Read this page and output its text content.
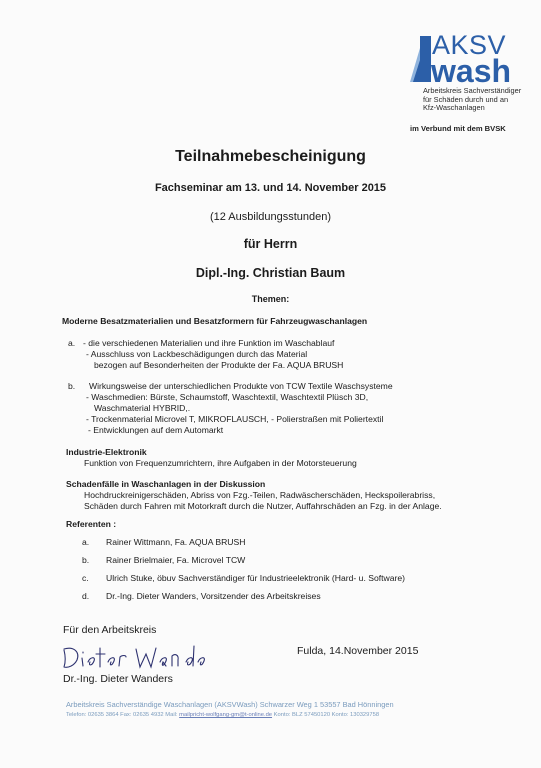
AKSV
wash
Arbeitskreis Sachverständiger
für Schäden durch und an
Kfz-Waschanlagen
im Verbund mit dem BVSK
Teilnahmebescheinigung
Fachseminar am 13. und 14. November 2015
(12 Ausbildungsstunden)
für Herrn
Dipl.-Ing. Christian Baum
Themen:
Moderne Besatzmaterialien und Besatzformern für Fahrzeugwaschanlagen
a. - die verschiedenen Materialien und ihre Funktion im Waschablauf
- Ausschluss von Lackbeschädigungen durch das Material
bezogen auf Besonderheiten der Produkte der Fa. AQUA BRUSH
b. Wirkungsweise der unterschiedlichen Produkte von TCW Textile Waschsysteme
- Waschmedien: Bürste, Schaumstoff, Waschtextil, Waschtextil Plüsch 3D,
Waschmaterial HYBRID,.
- Trockenmaterial Microvel T, MIKROFLAUSCH, - Polierstraßen mit Poliertextil
- Entwicklungen auf dem Automarkt
Industrie-Elektronik
Funktion von Frequenzumrichtern, ihre Aufgaben in der Motorsteuerung
Schadenfälle in Waschanlagen in der Diskussion
Hochdruckreinigerschäden, Abriss von Fzg.-Teilen, Radwäscherschäden, Heckspoilerabriss,
Schäden durch Fahren mit Motorkraft durch die Nutzer, Auffahrschäden an Fzg. in der Anlage.
Referenten :
a. Rainer Wittmann, Fa. AQUA BRUSH
b. Rainer Brielmaier, Fa. Microvel TCW
c. Ulrich Stuke, öbuv Sachverständiger für Industrieelektronik (Hard- u. Software)
d. Dr.-Ing. Dieter Wanders, Vorsitzender des Arbeitskreises
Für den Arbeitskreis
Dr.-Ing. Dieter Wanders
Fulda, 14.November 2015
Arbeitskreis Sachverständige Waschanlagen (AKSVWash) Schwarzer Weg 1 53557 Bad Hönningen
Telefon: 02635 3864 Fax: 02635 4932 Mail: mailpricht-wolfgang-gm@t-online.de Konto: BLZ 57450120 Konto: 130329758
